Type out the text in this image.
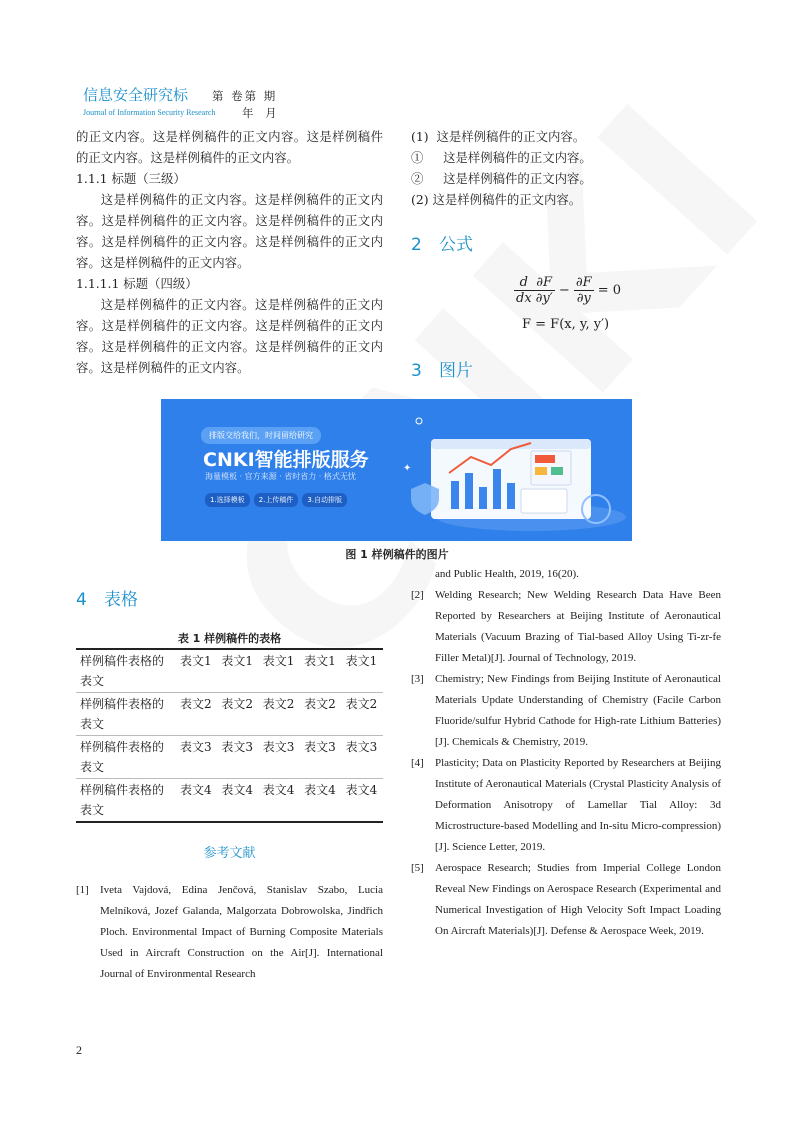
信息安全研究标
Journal of Information Security Research
第 卷第 期
年 月

的正文内容。这是样例稿件的正文内容。这是样例稿件的正文内容。这是样例稿件的正文内容。

1.1.1 标题（三级）

这是样例稿件的正文内容。这是样例稿件的正文内容。这是样例稿件的正文内容。这是样例稿件的正文内容。这是样例稿件的正文内容。这是样例稿件的正文内容。这是样例稿件的正文内容。

1.1.1.1 标题（四级）

这是样例稿件的正文内容。这是样例稿件的正文内容。这是样例稿件的正文内容。这是样例稿件的正文内容。这是样例稿件的正文内容。这是样例稿件的正文内容。这是样例稿件的正文内容。

(1) 这是样例稿件的正文内容。
① 这是样例稿件的正文内容。
② 这是样例稿件的正文内容。
(2) 这是样例稿件的正文内容。
2 公式
$\frac{d}{dx} \frac{\partial F}{\partial y'} - \frac{\partial F}{\partial y} = 0$
F = F(x, y, y′)
3 图片
排版交给我们，时间留给研究
CNKI智能排版服务
海量模板 · 官方来源 · 省时省力 · 格式无忧
1.选择模板	2.上传稿件	3.自动排版
✦
图 1 样例稿件的图片
4 表格
表 1 样例稿件的表格
样例稿件表格的表文	表文1	表文1	表文1	表文1	表文1
样例稿件表格的表文	表文2	表文2	表文2	表文2	表文2
样例稿件表格的表文	表文3	表文3	表文3	表文3	表文3
样例稿件表格的表文	表文4	表文4	表文4	表文4	表文4
参考文献
[1]	Iveta Vajdová, Edina Jenčová, Stanislav Szabo, Lucia Melníková, Jozef Galanda, Malgorzata Dobrowolska, Jindřich Ploch. Environmental Impact of Burning Composite Materials Used in Aircraft Construction on the Air[J]. International Journal of Environmental Research
and Public Health, 2019, 16(20).
[2]	Welding Research; New Welding Research Data Have Been Reported by Researchers at Beijing Institute of Aeronautical Materials (Vacuum Brazing of Tial-based Alloy Using Ti-zr-fe Filler Metal)[J]. Journal of Technology, 2019.
[3]	Chemistry; New Findings from Beijing Institute of Aeronautical Materials Update Understanding of Chemistry (Facile Carbon Fluoride/sulfur Hybrid Cathode for High-rate Lithium Batteries)[J]. Chemicals & Chemistry, 2019.
[4]	Plasticity; Data on Plasticity Reported by Researchers at Beijing Institute of Aeronautical Materials (Crystal Plasticity Analysis of Deformation Anisotropy of Lamellar Tial Alloy: 3d Microstructure-based Modelling and In-situ Micro-compression)[J]. Science Letter, 2019.
[5]	Aerospace Research; Studies from Imperial College London Reveal New Findings on Aerospace Research (Experimental and Numerical Investigation of High Velocity Soft Impact Loading On Aircraft Materials)[J]. Defense & Aerospace Week, 2019.
2
